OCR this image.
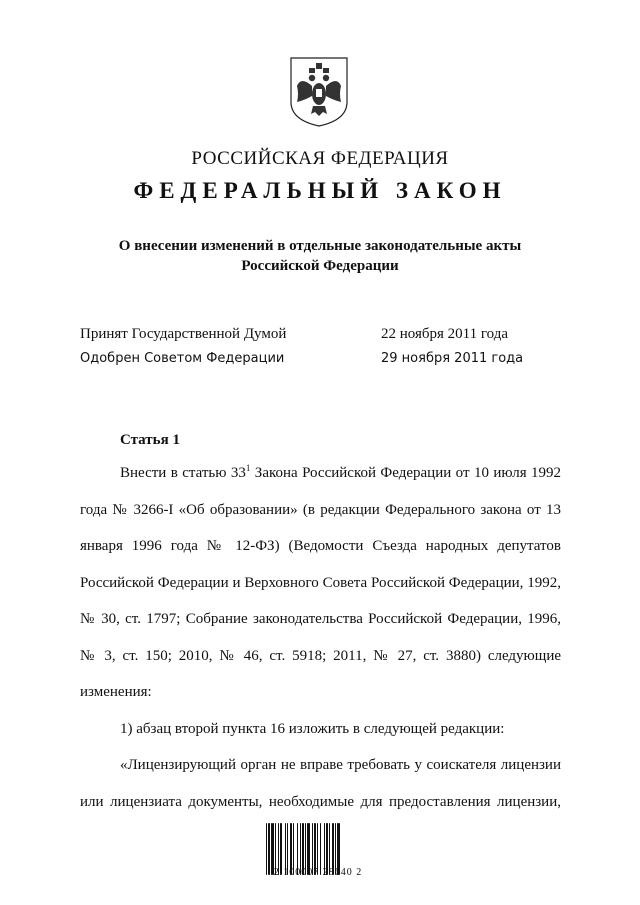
РОССИЙСКАЯ ФЕДЕРАЦИЯ
ФЕДЕРАЛЬНЫЙ ЗАКОН
О внесении изменений в отдельные законодательные акты
Российской Федерации
Принят Государственной Думой	22 ноября 2011 года
Одобрен Советом Федерации	29 ноября 2011 года
Статья 1

Внести в статью $33^1$ Закона Российской Федерации от 10 июля 1992 года № 3266-I «Об образовании» (в редакции Федерального закона от 13 января 1996 года № 12-ФЗ) (Ведомости Съезда народных депутатов Российской Федерации и Верховного Совета Российской Федерации, 1992, № 30, ст. 1797; Собрание законодательства Российской Федерации, 1996, № 3, ст. 150; 2010, № 46, ст. 5918; 2011, № 27, ст. 3880) следующие изменения:

1) абзац второй пункта 16 изложить в следующей редакции:

«Лицензирующий орган не вправе требовать у соискателя лицензии или лицензиата документы, необходимые для предоставления лицензии,

2 100007 28640 2
